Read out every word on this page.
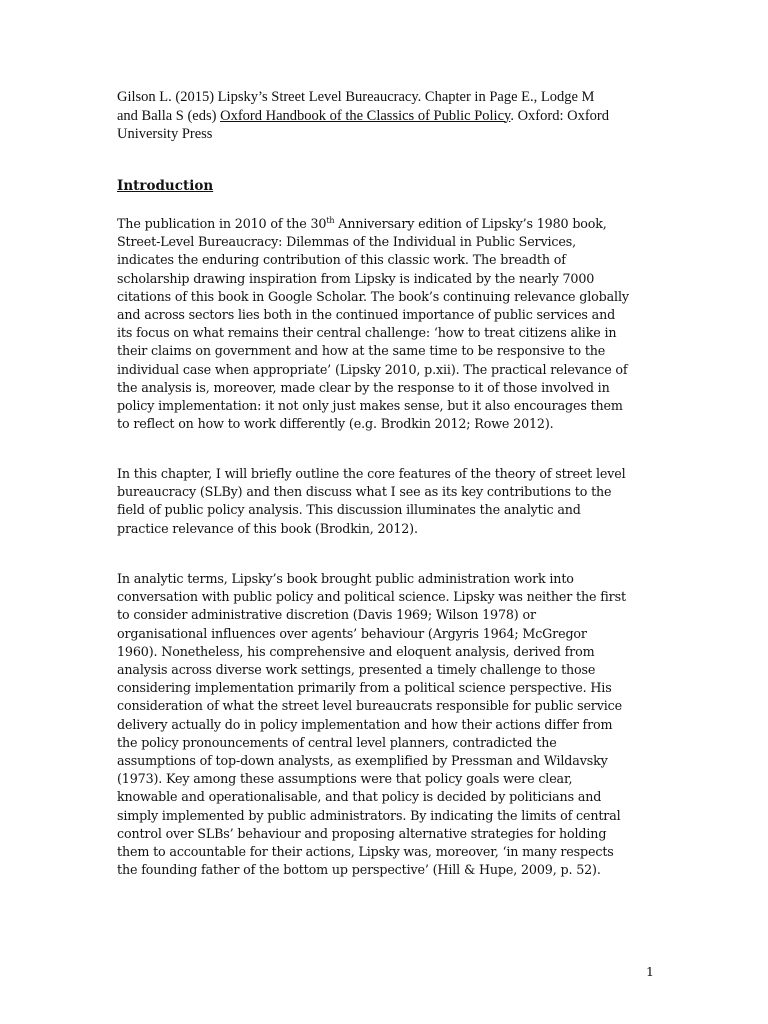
Gilson L. (2015) Lipsky’s Street Level Bureaucracy. Chapter in Page E., Lodge M
and Balla S (eds) Oxford Handbook of the Classics of Public Policy. Oxford: Oxford
University Press
Introduction
The publication in 2010 of the 30th Anniversary edition of Lipsky’s 1980 book,
Street-Level Bureaucracy: Dilemmas of the Individual in Public Services,
indicates the enduring contribution of this classic work. The breadth of
scholarship drawing inspiration from Lipsky is indicated by the nearly 7000
citations of this book in Google Scholar. The book’s continuing relevance globally
and across sectors lies both in the continued importance of public services and
its focus on what remains their central challenge: ‘how to treat citizens alike in
their claims on government and how at the same time to be responsive to the
individual case when appropriate’ (Lipsky 2010, p.xii). The practical relevance of
the analysis is, moreover, made clear by the response to it of those involved in
policy implementation: it not only just makes sense, but it also encourages them
to reflect on how to work differently (e.g. Brodkin 2012; Rowe 2012).
In this chapter, I will briefly outline the core features of the theory of street level
bureaucracy (SLBy) and then discuss what I see as its key contributions to the
field of public policy analysis. This discussion illuminates the analytic and
practice relevance of this book (Brodkin, 2012).
In analytic terms, Lipsky’s book brought public administration work into
conversation with public policy and political science. Lipsky was neither the first
to consider administrative discretion (Davis 1969; Wilson 1978) or
organisational influences over agents’ behaviour (Argyris 1964; McGregor
1960). Nonetheless, his comprehensive and eloquent analysis, derived from
analysis across diverse work settings, presented a timely challenge to those
considering implementation primarily from a political science perspective. His
consideration of what the street level bureaucrats responsible for public service
delivery actually do in policy implementation and how their actions differ from
the policy pronouncements of central level planners, contradicted the
assumptions of top-down analysts, as exemplified by Pressman and Wildavsky
(1973). Key among these assumptions were that policy goals were clear,
knowable and operationalisable, and that policy is decided by politicians and
simply implemented by public administrators. By indicating the limits of central
control over SLBs’ behaviour and proposing alternative strategies for holding
them to accountable for their actions, Lipsky was, moreover, ‘in many respects
the founding father of the bottom up perspective’ (Hill & Hupe, 2009, p. 52).
1
